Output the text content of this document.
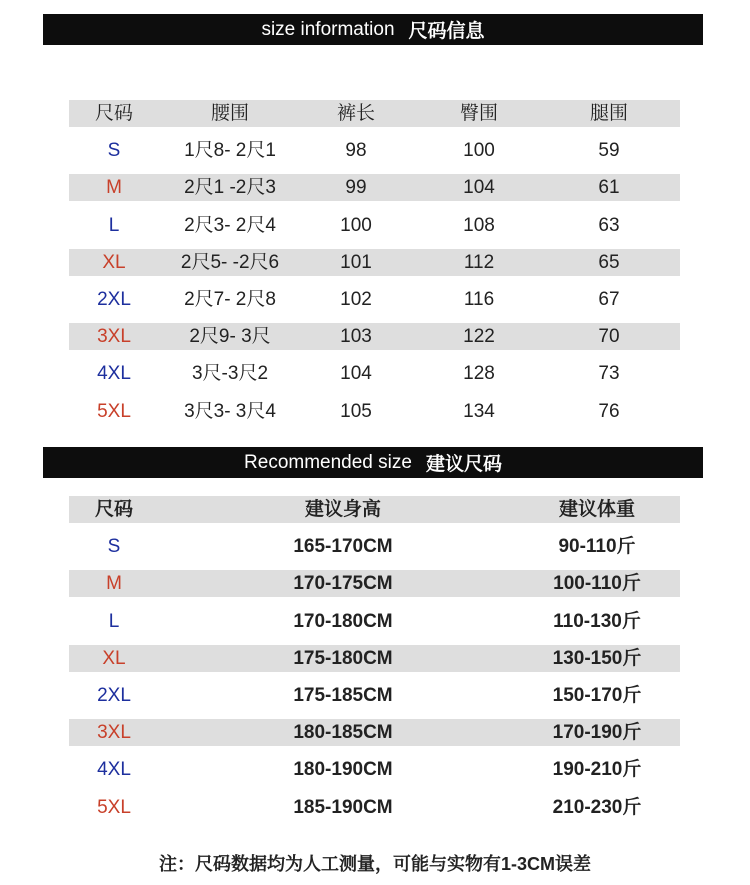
size information 尺码信息
尺码	腰围	裤长	臀围	腿围
S	1尺8- 2尺1	98	100	59
M	2尺1 -2尺3	99	104	61
L	2尺3- 2尺4	100	108	63
XL	2尺5- -2尺6	101	112	65
2XL	2尺7- 2尺8	102	116	67
3XL	2尺9- 3尺	103	122	70
4XL	3尺-3尺2	104	128	73
5XL	3尺3- 3尺4	105	134	76
Recommended size 建议尺码
尺码	建议身高	建议体重
S	165-170CM	90-110斤
M	170-175CM	100-110斤
L	170-180CM	110-130斤
XL	175-180CM	130-150斤
2XL	175-185CM	150-170斤
3XL	180-185CM	170-190斤
4XL	180-190CM	190-210斤
5XL	185-190CM	210-230斤
注：尺码数据均为人工测量，可能与实物有1-3CM误差
